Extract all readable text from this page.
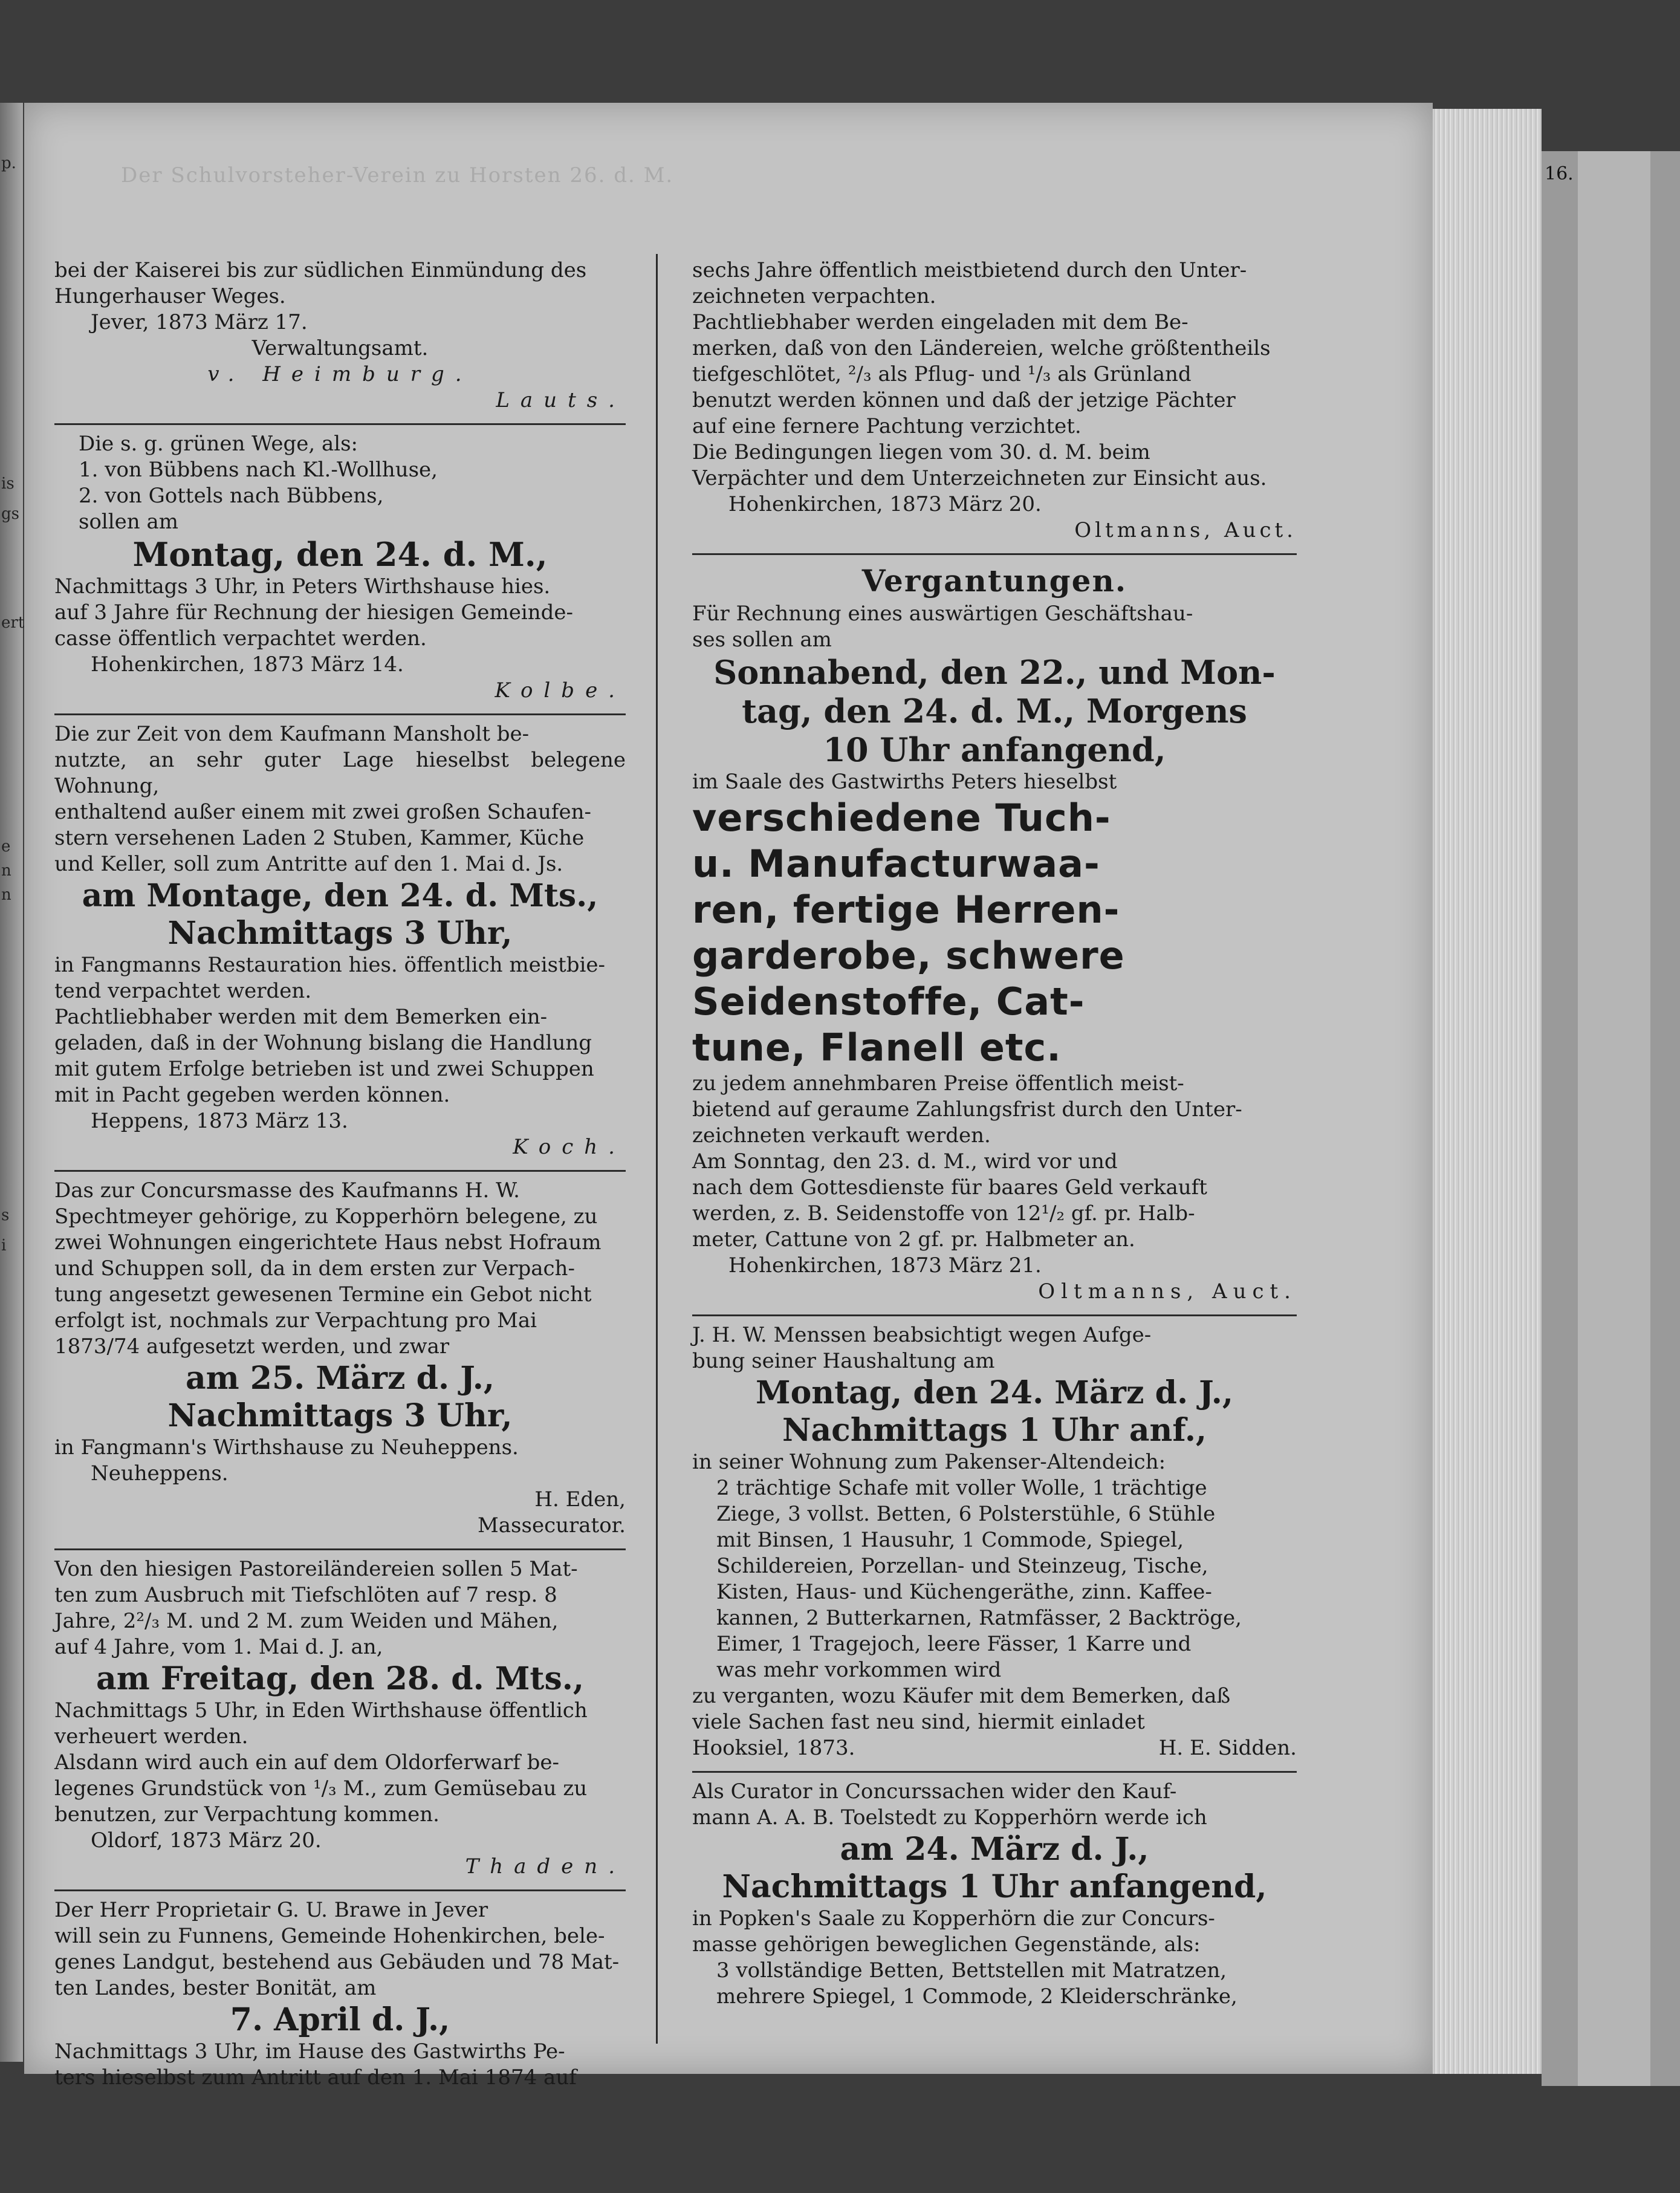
p.
is
gs
ert
e
n
n
s
i
16.
Der Schulvorsteher-Verein zu Horsten 26. d. M.

bei der Kaiserei bis zur südlichen Einmündung des

Hungerhauser Weges.

Jever, 1873 März 17.

Verwaltungsamt.

v. Heimburg.

Lauts.

Die s. g. grünen Wege, als:

1. von Bübbens nach Kl.-Wollhuse,

2. von Gottels nach Bübbens,

sollen am

Montag, den 24. d. M.,

Nachmittags 3 Uhr, in Peters Wirthshause hies.

auf 3 Jahre für Rechnung der hiesigen Gemeinde-

casse öffentlich verpachtet werden.

Hohenkirchen, 1873 März 14.

Kolbe.

Die zur Zeit von dem Kaufmann Mansholt be-

nutzte, an sehr guter Lage hieselbst belegene Wohnung,

enthaltend außer einem mit zwei großen Schaufen-

stern versehenen Laden 2 Stuben, Kammer, Küche

und Keller, soll zum Antritte auf den 1. Mai d. Js.

am Montage, den 24. d. Mts.,

Nachmittags 3 Uhr,

in Fangmanns Restauration hies. öffentlich meistbie-

tend verpachtet werden.

Pachtliebhaber werden mit dem Bemerken ein-

geladen, daß in der Wohnung bislang die Handlung

mit gutem Erfolge betrieben ist und zwei Schuppen

mit in Pacht gegeben werden können.

Heppens, 1873 März 13.

Koch.

Das zur Concursmasse des Kaufmanns H. W.

Spechtmeyer gehörige, zu Kopperhörn belegene, zu

zwei Wohnungen eingerichtete Haus nebst Hofraum

und Schuppen soll, da in dem ersten zur Verpach-

tung angesetzt gewesenen Termine ein Gebot nicht

erfolgt ist, nochmals zur Verpachtung pro Mai

1873/74 aufgesetzt werden, und zwar

am 25. März d. J.,

Nachmittags 3 Uhr,

in Fangmann's Wirthshause zu Neuheppens.

Neuheppens.

H. Eden,

Massecurator.

Von den hiesigen Pastoreiländereien sollen 5 Mat-

ten zum Ausbruch mit Tiefschlöten auf 7 resp. 8

Jahre, 2²/₃ M. und 2 M. zum Weiden und Mähen,

auf 4 Jahre, vom 1. Mai d. J. an,

am Freitag, den 28. d. Mts.,

Nachmittags 5 Uhr, in Eden Wirthshause öffentlich

verheuert werden.

Alsdann wird auch ein auf dem Oldorferwarf be-

legenes Grundstück von ¹/₃ M., zum Gemüsebau zu

benutzen, zur Verpachtung kommen.

Oldorf, 1873 März 20.

Thaden.

Der Herr Proprietair G. U. Brawe in Jever

will sein zu Funnens, Gemeinde Hohenkirchen, bele-

genes Landgut, bestehend aus Gebäuden und 78 Mat-

ten Landes, bester Bonität, am

7. April d. J.,

Nachmittags 3 Uhr, im Hause des Gastwirths Pe-

ters hieselbst zum Antritt auf den 1. Mai 1874 auf

sechs Jahre öffentlich meistbietend durch den Unter-

zeichneten verpachten.

Pachtliebhaber werden eingeladen mit dem Be-

merken, daß von den Ländereien, welche größtentheils

tiefgeschlötet, ²/₃ als Pflug- und ¹/₃ als Grünland

benutzt werden können und daß der jetzige Pächter

auf eine fernere Pachtung verzichtet.

Die Bedingungen liegen vom 30. d. M. beim

Verpächter und dem Unterzeichneten zur Einsicht aus.

Hohenkirchen, 1873 März 20.

Oltmanns, Auct.

Vergantungen.

Für Rechnung eines auswärtigen Geschäftshau-

ses sollen am

Sonnabend, den 22., und Mon-

tag, den 24. d. M., Morgens

10 Uhr anfangend,

im Saale des Gastwirths Peters hieselbst

verschiedene Tuch-

u. Manufacturwaa-

ren, fertige Herren-

garderobe, schwere

Seidenstoffe, Cat-

tune, Flanell etc.

zu jedem annehmbaren Preise öffentlich meist-

bietend auf geraume Zahlungsfrist durch den Unter-

zeichneten verkauft werden.

Am Sonntag, den 23. d. M., wird vor und

nach dem Gottesdienste für baares Geld verkauft

werden, z. B. Seidenstoffe von 12¹/₂ gf. pr. Halb-

meter, Cattune von 2 gf. pr. Halbmeter an.

Hohenkirchen, 1873 März 21.

Oltmanns, Auct.

J. H. W. Menssen beabsichtigt wegen Aufge-

bung seiner Haushaltung am

Montag, den 24. März d. J.,

Nachmittags 1 Uhr anf.,

in seiner Wohnung zum Pakenser-Altendeich:

2 trächtige Schafe mit voller Wolle, 1 trächtige

Ziege, 3 vollst. Betten, 6 Polsterstühle, 6 Stühle

mit Binsen, 1 Hausuhr, 1 Commode, Spiegel,

Schildereien, Porzellan- und Steinzeug, Tische,

Kisten, Haus- und Küchengeräthe, zinn. Kaffee-

kannen, 2 Butterkarnen, Ratmfässer, 2 Backtröge,

Eimer, 1 Tragejoch, leere Fässer, 1 Karre und

was mehr vorkommen wird

zu verganten, wozu Käufer mit dem Bemerken, daß

viele Sachen fast neu sind, hiermit einladet

Hooksiel, 1873.	H. E. Sidden.

Als Curator in Concurssachen wider den Kauf-

mann A. A. B. Toelstedt zu Kopperhörn werde ich

am 24. März d. J.,

Nachmittags 1 Uhr anfangend,

in Popken's Saale zu Kopperhörn die zur Concurs-

masse gehörigen beweglichen Gegenstände, als:

3 vollständige Betten, Bettstellen mit Matratzen,

mehrere Spiegel, 1 Commode, 2 Kleiderschränke,
